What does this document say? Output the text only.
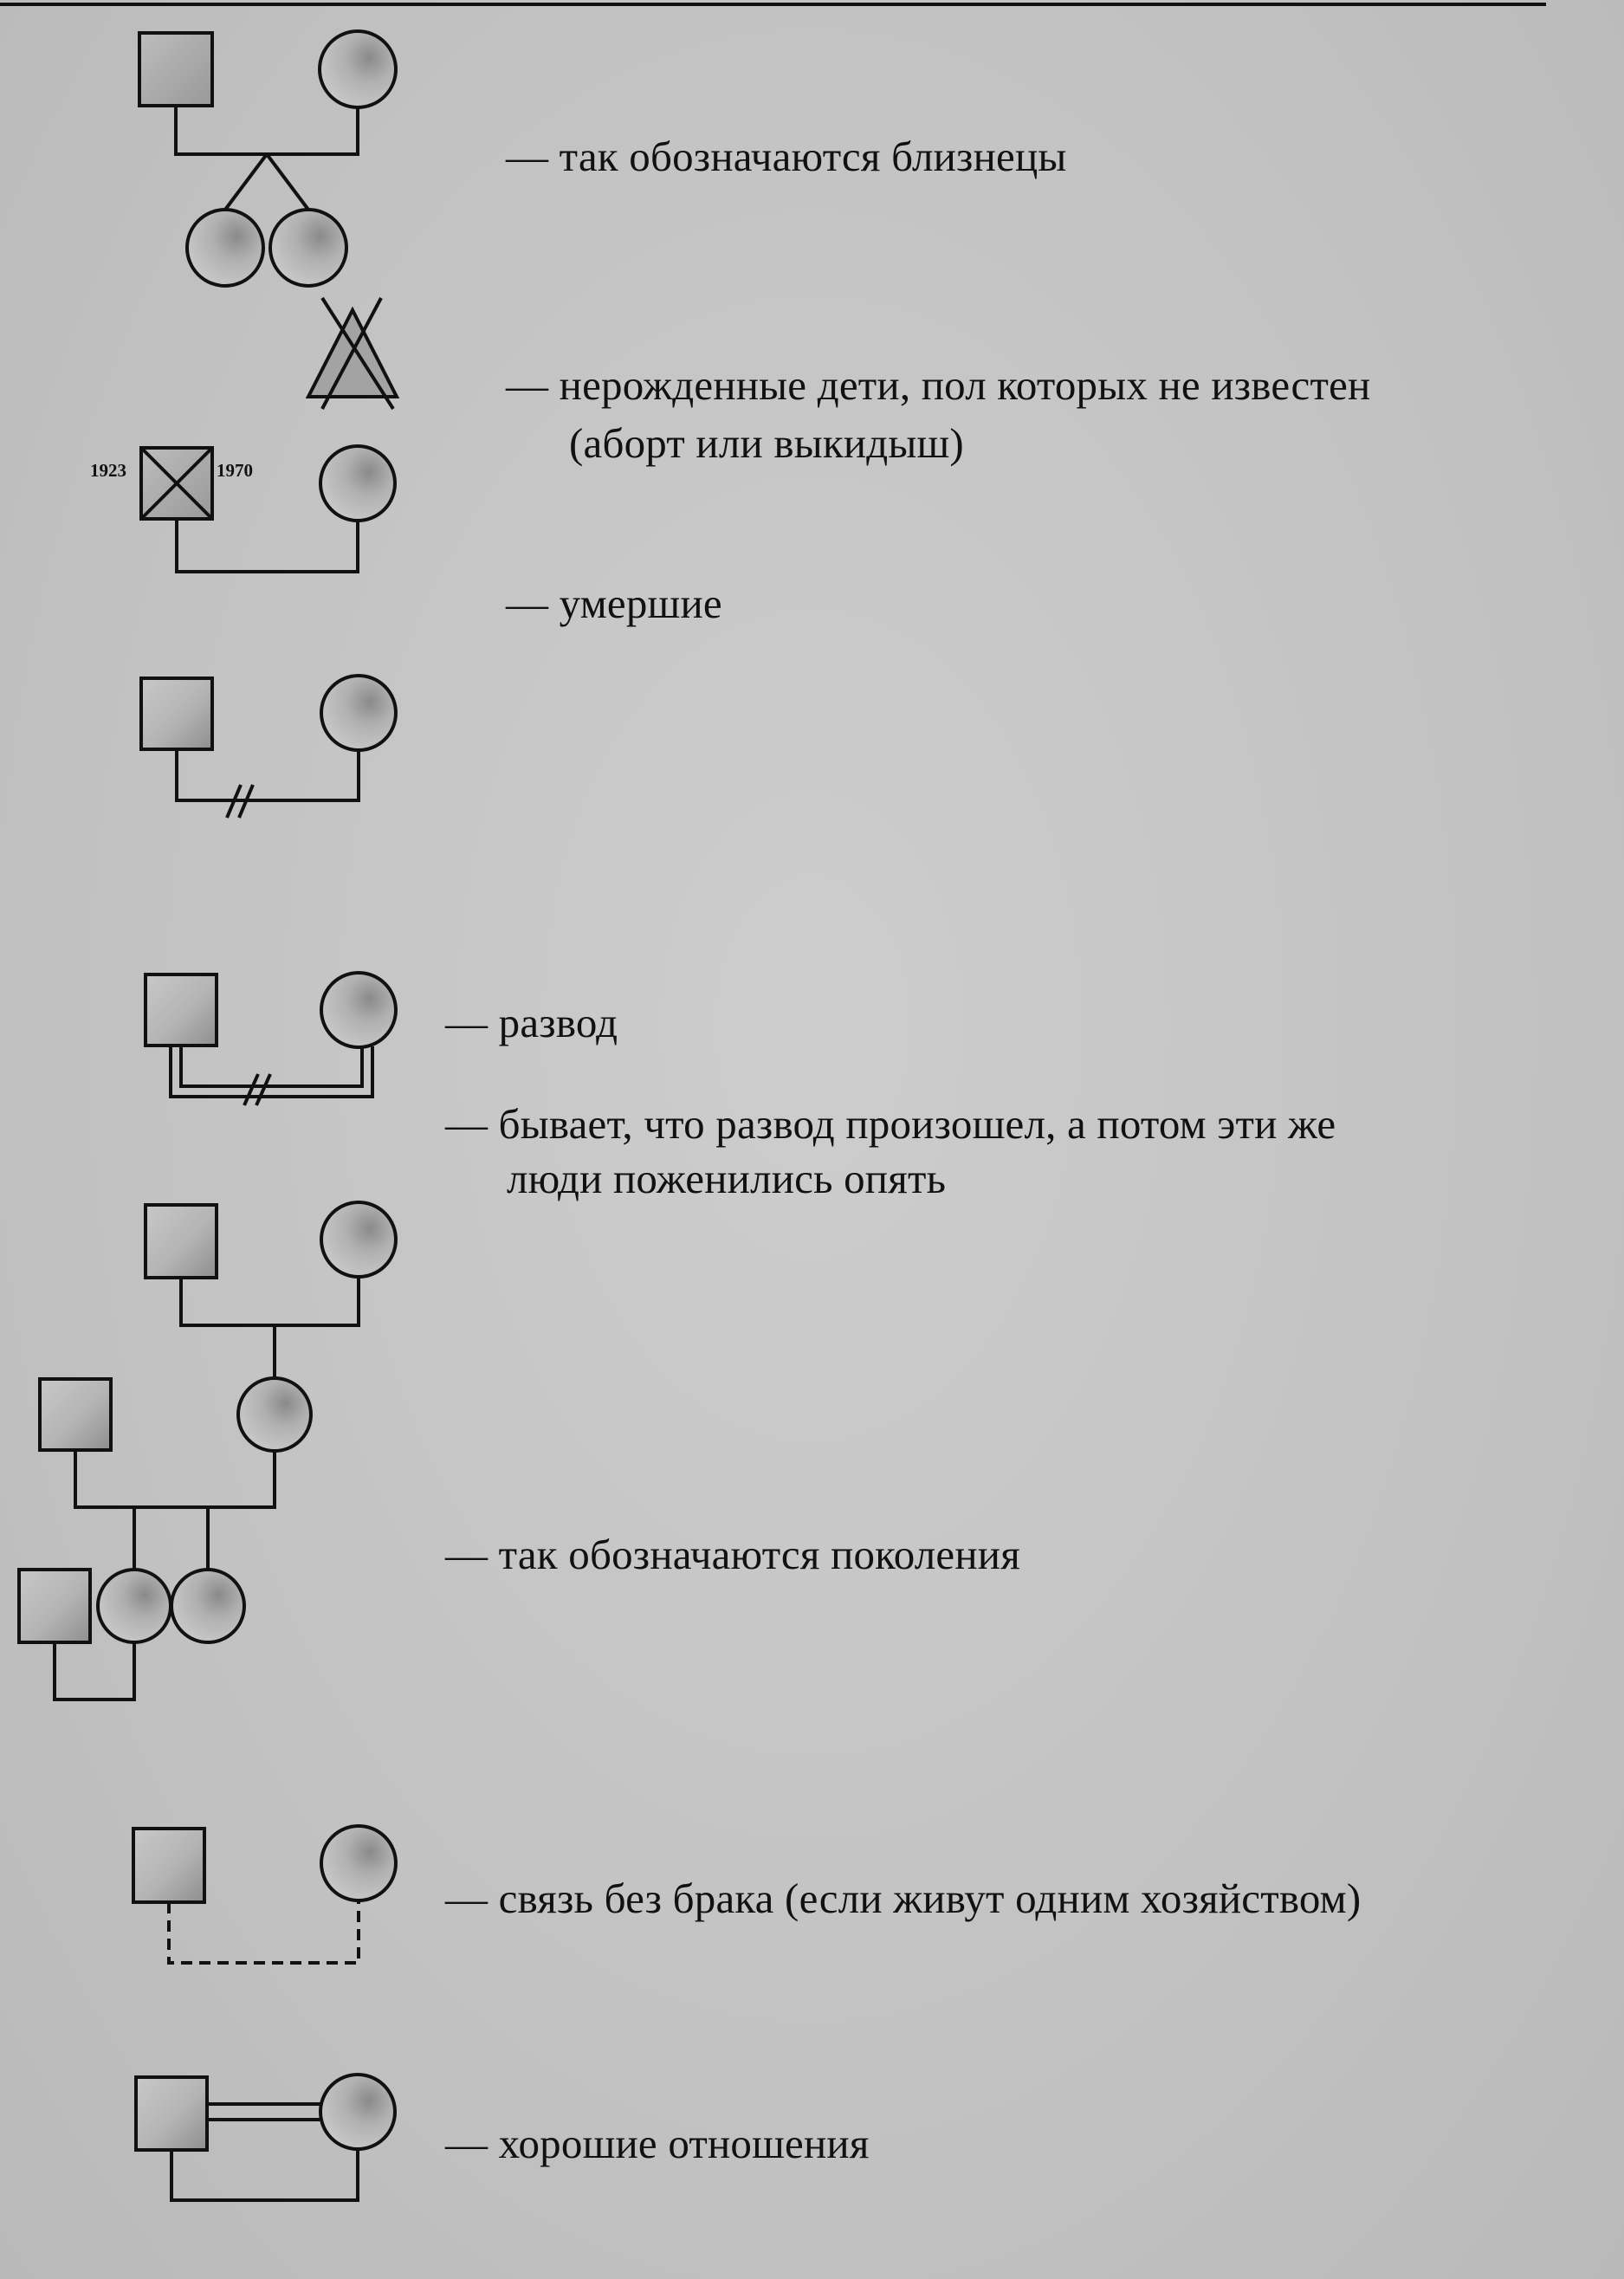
1923	1970
— так обозначаются близнецы
— нерожденные дети, пол которых не известен
(аборт или выкидыш)
— умершие
— развод
— бывает, что развод произошел, а потом эти же
люди поженились опять
— так обозначаются поколения
— связь без брака (если живут одним хозяйством)
— хорошие отношения
